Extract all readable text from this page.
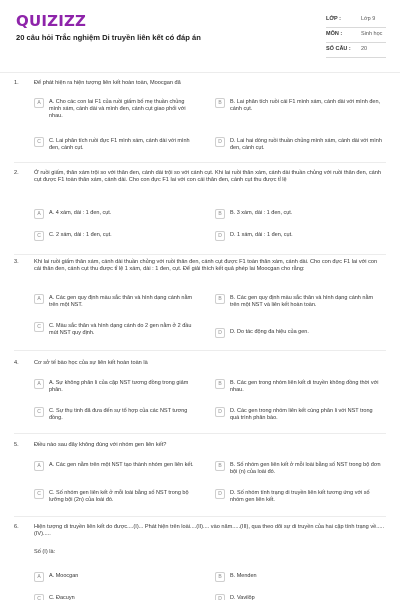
QUIZIZZ
20 câu hỏi Trắc nghiệm Di truyền liên kết có đáp án
LỚP :	Lớp 9
MÔN :	Sinh học
SỐ CÂU : 20
1.	Để phát hiện ra hiện tượng liên kết hoàn toàn, Moocgan đã
A	A. Cho các con lai F1 của ruồi giấm bố mẹ thuần chủng mình xám, cánh dài và mình đen, cánh cụt giao phối với nhau.
B	B. Lai phân tích ruồi cái F1 mình xám, cánh dài với mình đen, cánh cụt.
C	C. Lai phân tích ruồi đực F1 mình xám, cánh dài với mình đen, cánh cụt.
D	D. Lai hai dòng ruồi thuần chủng mình xám, cánh dài với mình đen, cánh cụt.
2.	Ở ruồi giấm, thân xám trội so với thân đen, cánh dài trội so với cánh cụt. Khi lai ruồi thân xám, cánh dài thuần chủng với ruồi thân đen, cánh cụt được F1 toàn thân xám, cánh dài. Cho con đực F1 lai với con cái thân đen, cánh cụt thu được tỉ lệ
A	A. 4 xám, dài : 1 đen, cụt.	B	B. 3 xám, dài : 1 đen, cụt.
C	C. 2 xám, dài : 1 đen, cụt.	D	D. 1 xám, dài : 1 đen, cụt.
3.	Khi lai ruồi giấm thân xám, cánh dài thuần chủng với ruồi thân đen, cánh cụt được F1 toàn thân xám, cánh dài. Cho con đực F1 lai với con cái thân đen, cánh cụt thu được tỉ lệ 1 xám, dài : 1 đen, cụt. Để giải thích kết quả phép lai Moocgan cho rằng:
A	A. Các gen quy định màu sắc thân và hình dạng cánh nằm trên một NST.
B	B. Các gen quy định màu sắc thân và hình dạng cánh nằm trên một NST và liên kết hoàn toàn.
C	C. Màu sắc thân và hình dạng cánh do 2 gen nằm ở 2 đầu mút NST quy định.	D	D. Do tác động đa hiệu của gen.
4.	Cơ sở tế bào học của sự liên kết hoàn toàn là
A	A. Sự không phân li của cặp NST tương đồng trong giảm phân.
B	B. Các gen trong nhóm liên kết di truyền không đồng thời với nhau.
C	C. Sự thụ tinh đã đưa đến sự tổ hợp của các NST tương đồng.
D	D. Các gen trong nhóm liên kết cùng phân li với NST trong quá trình phân bào.
5.	Điều nào sau đây không đúng với nhóm gen liên kết?
A	A. Các gen nằm trên một NST tạo thành nhóm gen liên kết.	B	B. Số nhóm gen liên kết ở mỗi loài bằng số NST trong bộ đơn bội (n) của loài đó.
C	C. Số nhóm gen liên kết ở mỗi loài bằng số NST trong bộ lưỡng bội (2n) của loài đó.
D	D. Số nhóm tính trạng di truyền liên kết tương ứng với số nhóm gen liên kết.
6.	Hiện tượng di truyền liên kết do được....(I)... Phát hiện trên loài....(II).... vào năm.....(III), qua theo dõi sự di truyền của hai cặp tính trạng về.....(IV).....
Số (I) là:
A	A. Moocgan	B	B. Menden
C	C. Đacuyn	D	D. Vavilôp
